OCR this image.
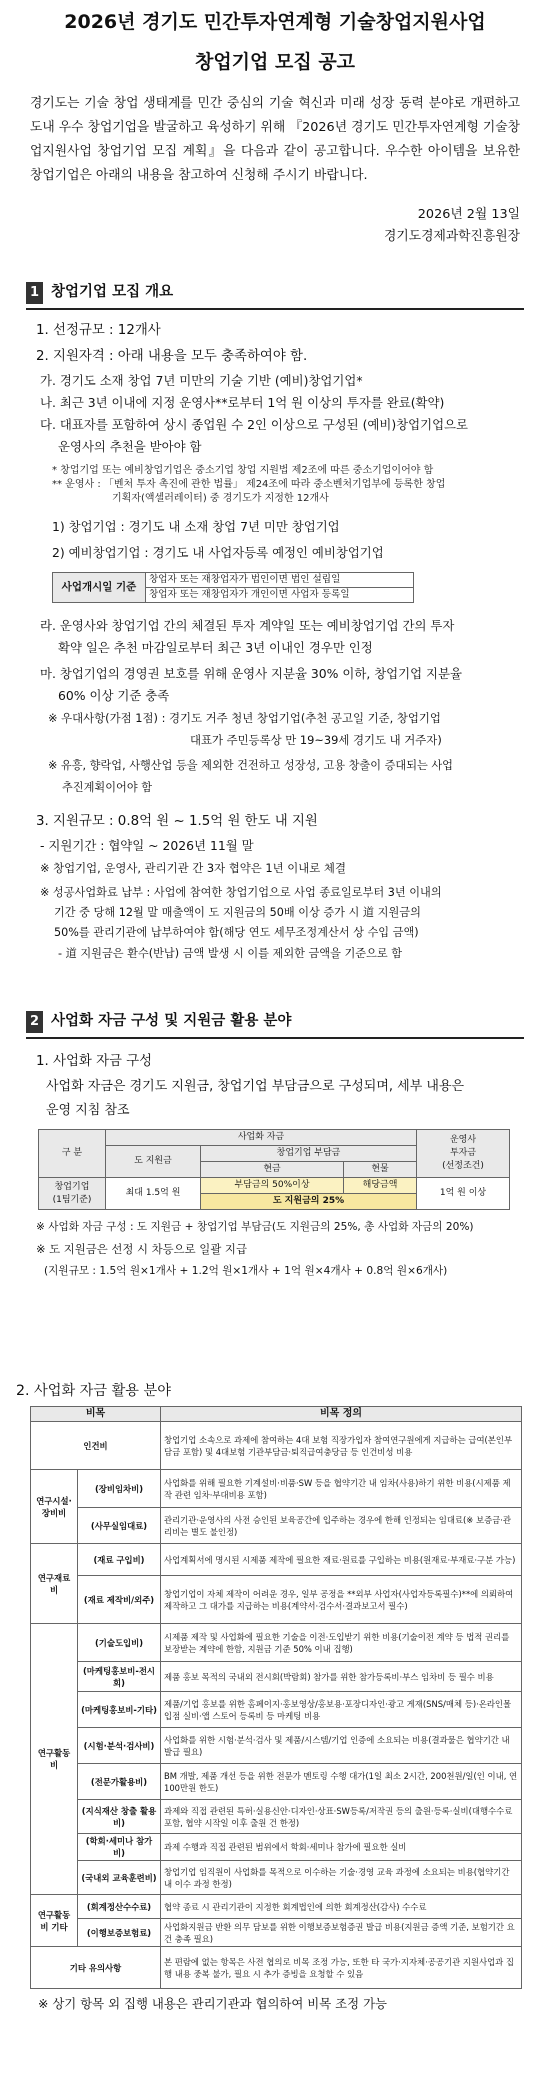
2026년 경기도 민간투자연계형 기술창업지원사업
창업기업 모집 공고
경기도는 기술 창업 생태계를 민간 중심의 기술 혁신과 미래 성장 동력 분야로 개편하고 도내 우수 창업기업을 발굴하고 육성하기 위해 『2026년 경기도 민간투자연계형 기술창업지원사업 창업기업 모집 계획』을 다음과 같이 공고합니다. 우수한 아이템을 보유한 창업기업은 아래의 내용을 참고하여 신청해 주시기 바랍니다.
2026년 2월 13일
경기도경제과학진흥원장
1 창업기업 모집 개요
1. 선정규모 : 12개사
2. 지원자격 : 아래 내용을 모두 충족하여야 함.
가. 경기도 소재 창업 7년 미만의 기술 기반 (예비)창업기업*
나. 최근 3년 이내에 지정 운영사**로부터 1억 원 이상의 투자를 완료(확약)
다. 대표자를 포함하여 상시 종업원 수 2인 이상으로 구성된 (예비)창업기업으로
운영사의 추천을 받아야 함
* 창업기업 또는 예비창업기업은 중소기업 창업 지원법 제2조에 따른 중소기업이어야 함
** 운영사 : 「벤처 투자 촉진에 관한 법률」 제24조에 따라 중소벤처기업부에 등록한 창업
기획자(액셀러레이터) 중 경기도가 지정한 12개사
1) 창업기업 : 경기도 내 소재 창업 7년 미만 창업기업
2) 예비창업기업 : 경기도 내 사업자등록 예정인 예비창업기업
사업개시일 기준	창업자 또는 재창업자가 법인이면 법인 설립일
창업자 또는 재창업자가 개인이면 사업자 등록일
라. 운영사와 창업기업 간의 체결된 투자 계약일 또는 예비창업기업 간의 투자
확약 일은 추천 마감일로부터 최근 3년 이내인 경우만 인정
마. 창업기업의 경영권 보호를 위해 운영사 지분율 30% 이하, 창업기업 지분율
60% 이상 기준 충족
※ 우대사항(가점 1점) : 경기도 거주 청년 창업기업(추천 공고일 기준, 창업기업
대표가 주민등록상 만 19~39세 경기도 내 거주자)
※ 유흥, 향락업, 사행산업 등을 제외한 건전하고 성장성, 고용 창출이 증대되는 사업
추진계획이어야 함
3. 지원규모 : 0.8억 원 ~ 1.5억 원 한도 내 지원
- 지원기간 : 협약일 ~ 2026년 11월 말
※ 창업기업, 운영사, 관리기관 간 3자 협약은 1년 이내로 체결
※ 성공사업화료 납부 : 사업에 참여한 창업기업으로 사업 종료일로부터 3년 이내의
기간 중 당해 12월 말 매출액이 도 지원금의 50배 이상 증가 시 道 지원금의
50%를 관리기관에 납부하여야 함(해당 연도 세무조정계산서 상 수입 금액)
- 道 지원금은 환수(반납) 금액 발생 시 이를 제외한 금액을 기준으로 함
2 사업화 자금 구성 및 지원금 활용 분야
1. 사업화 자금 구성
사업화 자금은 경기도 지원금, 창업기업 부담금으로 구성되며, 세부 내용은
운영 지침 참조
구 분	사업화 자금			운영사
투자금
(선정조건)

	도 지원금	창업기업 부담금		
		현금	현물	

창업기업
(1팀기준)	최대 1.5억 원	부담금의 50%이상	해당금액	1억 원 이상
		도 지원금의 25%		
※ 사업화 자금 구성 : 도 지원금 + 창업기업 부담금(도 지원금의 25%, 총 사업화 자금의 20%)
※ 도 지원금은 선정 시 차등으로 일괄 지급
(지원규모 : 1.5억 원×1개사 + 1.2억 원×1개사 + 1억 원×4개사 + 0.8억 원×6개사)
2. 사업화 자금 활용 분야
비목		비목 정의
인건비		창업기업 소속으로 과제에 참여하는 4대 보험 직장가입자 참여연구원에게 지급하는 급여(본인부담금 포함) 및 4대보험 기관부담금·퇴직급여충당금 등 인건비성 비용
연구시설·장비비	(장비임차비)	사업화를 위해 필요한 기계설비·비품·SW 등을 협약기간 내 임차(사용)하기 위한 비용(시제품 제작 관련 임차·부대비용 포함)
	(사무실임대료)	관리기관·운영사의 사전 승인된 보육공간에 입주하는 경우에 한해 인정되는 임대료(※ 보증금·관리비는 별도 불인정)
연구재료비	(재료 구입비)	사업계획서에 명시된 시제품 제작에 필요한 재료·원료를 구입하는 비용(원재료·부재료·구분 가능)
	(재료 제작비/외주)	창업기업이 자체 제작이 어려운 경우, 일부 공정을 **외부 사업자(사업자등록필수)**에 의뢰하여 제작하고 그 대가를 지급하는 비용(계약서·검수서·결과보고서 필수)
연구활동비	(기술도입비)	시제품 제작 및 사업화에 필요한 기술을 이전·도입받기 위한 비용(기술이전 계약 등 법적 권리를 보장받는 계약에 한함, 지원금 기준 50% 이내 집행)
	(마케팅홍보비-전시회)	제품 홍보 목적의 국내외 전시회(박람회) 참가를 위한 참가등록비·부스 임차비 등 필수 비용
	(마케팅홍보비-기타)	제품/기업 홍보를 위한 홈페이지·홍보영상/홍보용·포장디자인·광고 게재(SNS/매체 등)·온라인몰 입점 실비·앱 스토어 등록비 등 마케팅 비용
	(시험·분석·검사비)	사업화를 위한 시험·분석·검사 및 제품/시스템/기업 인증에 소요되는 비용(결과물은 협약기간 내 발급 필요)
	(전문가활용비)	BM 개발, 제품 개선 등을 위한 전문가 멘토링 수행 대가(1일 최소 2시간, 200천원/일(인 이내, 연 100만원 한도)
	(지식재산 창출 활용비)	과제와 직접 관련된 특허·실용신안·디자인·상표·SW등록/저작권 등의 출원·등록·실비(대행수수료 포함, 협약 시작일 이후 출원 건 한정)
	(학회·세미나 참가비)	과제 수행과 직접 관련된 범위에서 학회·세미나 참가에 필요한 실비
	(국내외 교육훈련비)	창업기업 임직원이 사업화를 목적으로 이수하는 기술·경영 교육 과정에 소요되는 비용(협약기간 내 이수 과정 한정)
연구활동비 기타	(회계정산수수료)	협약 종료 시 관리기관이 지정한 회계법인에 의한 회계정산(감사) 수수료
	(이행보증보험료)	사업화지원금 반환 의무 담보를 위한 이행보증보험증권 발급 비용(지원금 증액 기준, 보험기간 요건 충족 필요)
기타 유의사항		본 편람에 없는 항목은 사전 협의로 비목 조정 가능, 또한 타 국가·지자체·공공기관 지원사업과 집행 내용 중복 불가, 필요 시 추가 증빙을 요청할 수 있음
※ 상기 항목 외 집행 내용은 관리기관과 협의하여 비목 조정 가능
